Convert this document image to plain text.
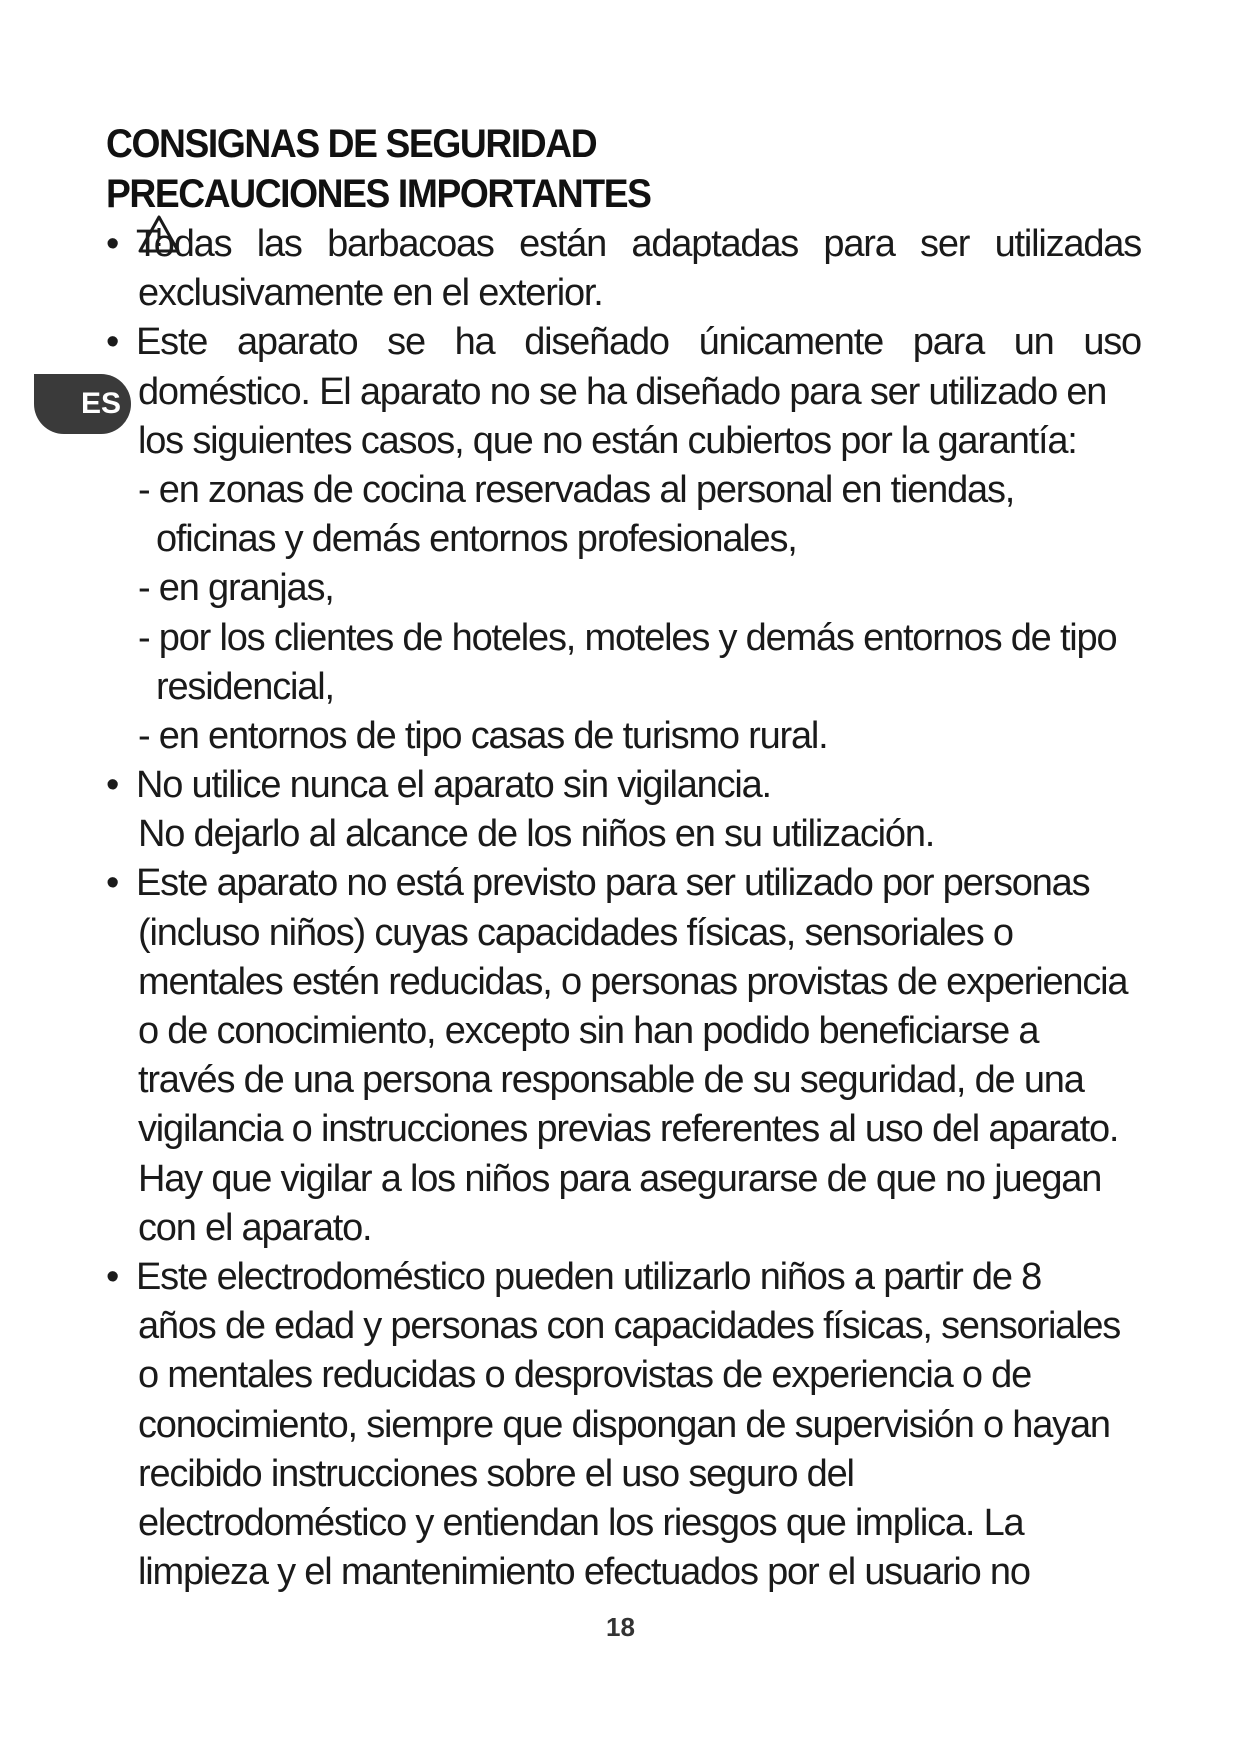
CONSIGNAS DE SEGURIDAD
PRECAUCIONES IMPORTANTES
ES
• Todas las barbacoas están adaptadas para ser utilizadas
exclusivamente en el exterior.
• Este aparato se ha diseñado únicamente para un uso
doméstico. El aparato no se ha diseñado para ser utilizado en
los siguientes casos, que no están cubiertos por la garantía:
- en zonas de cocina reservadas al personal en tiendas,
oficinas y demás entornos profesionales,
- en granjas,
- por los clientes de hoteles, moteles y demás entornos de tipo
residencial,
- en entornos de tipo casas de turismo rural.
• No utilice nunca el aparato sin vigilancia.
No dejarlo al alcance de los niños en su utilización.
• Este aparato no está previsto para ser utilizado por personas
(incluso niños) cuyas capacidades físicas, sensoriales o
mentales estén reducidas, o personas provistas de experiencia
o de conocimiento, excepto sin han podido beneficiarse a
través de una persona responsable de su seguridad, de una
vigilancia o instrucciones previas referentes al uso del aparato.
Hay que vigilar a los niños para asegurarse de que no juegan
con el aparato.
• Este electrodoméstico pueden utilizarlo niños a partir de 8
años de edad y personas con capacidades físicas, sensoriales
o mentales reducidas o desprovistas de experiencia o de
conocimiento, siempre que dispongan de supervisión o hayan
recibido instrucciones sobre el uso seguro del
electrodoméstico y entiendan los riesgos que implica. La
limpieza y el mantenimiento efectuados por el usuario no
18
